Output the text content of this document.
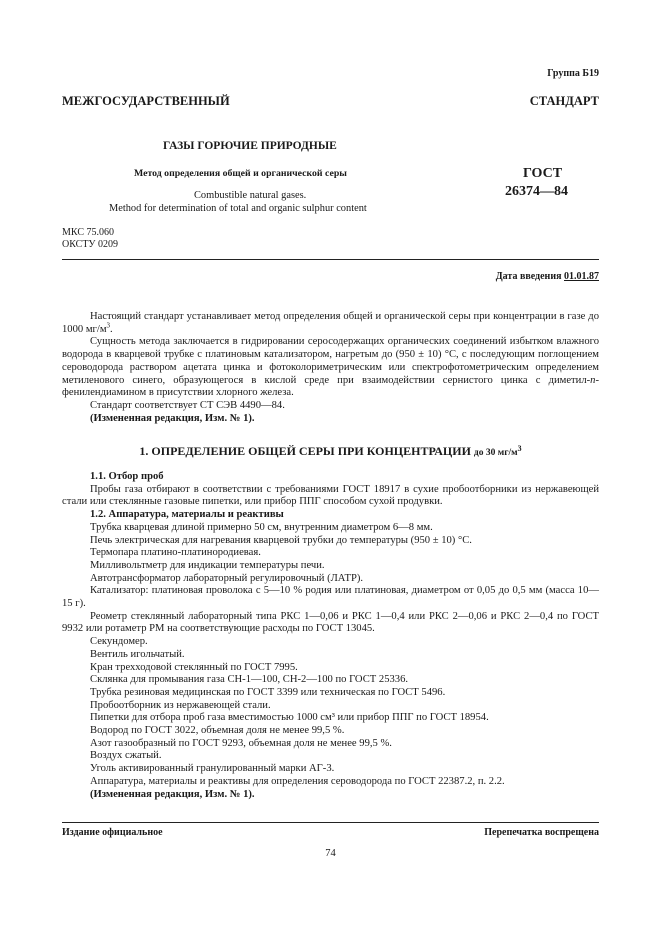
Группа Б19
МЕЖГОСУДАРСТВЕННЫЙ СТАНДАРТ
ГАЗЫ ГОРЮЧИЕ ПРИРОДНЫЕ
Метод определения общей и органической серы	ГОСТ
26374—84
Combustible natural gases.
Method for determination of total and organic sulphur content
МКС 75.060
ОКСТУ 0209
Дата введения 01.01.87

Настоящий стандарт устанавливает метод определения общей и органической серы при концентрации в газе до 1000 $мг/м^3$.

Сущность метода заключается в гидрировании серосодержащих органических соединений избытком влажного водорода в кварцевой трубке с платиновым катализатором, нагретым до (950 ± 10) °С, с последующим поглощением сероводорода раствором ацетата цинка и фотоколориметрическим или спектрофотометрическим определением метиленового синего, образующегося в кислой среде при взаимодействии сернистого цинка с диметил-n-фенилендиамином в присутствии хлорного железа.

Стандарт соответствует СТ СЭВ 4490—84.

(Измененная редакция, Изм. № 1).

1. ОПРЕДЕЛЕНИЕ ОБЩЕЙ СЕРЫ ПРИ КОНЦЕНТРАЦИИ до 30 $мг/м^3$

1.1. Отбор проб

Пробы газа отбирают в соответствии с требованиями ГОСТ 18917 в сухие пробоотборники из нержавеющей стали или стеклянные газовые пипетки, или прибор ППГ способом сухой продувки.

1.2. Аппаратура, материалы и реактивы

Трубка кварцевая длиной примерно 50 см, внутренним диаметром 6—8 мм.

Печь электрическая для нагревания кварцевой трубки до температуры (950 ± 10) °С.

Термопара платино-платинородиевая.

Милливольтметр для индикации температуры печи.

Автотрансформатор лабораторный регулировочный (ЛАТР).

Катализатор: платиновая проволока с 5—10 % родия или платиновая, диаметром от 0,05 до 0,5 мм (масса 10—15 г).

Реометр стеклянный лабораторный типа РКС 1—0,06 и РКС 1—0,4 или РКС 2—0,06 и РКС 2—0,4 по ГОСТ 9932 или ротаметр РМ на соответствующие расходы по ГОСТ 13045.

Секундомер.

Вентиль игольчатый.

Кран трехходовой стеклянный по ГОСТ 7995.

Склянка для промывания газа СН-1—100, СН-2—100 по ГОСТ 25336.

Трубка резиновая медицинская по ГОСТ 3399 или техническая по ГОСТ 5496.

Пробоотборник из нержавеющей стали.

Пипетки для отбора проб газа вместимостью 1000 см³ или прибор ППГ по ГОСТ 18954.

Водород по ГОСТ 3022, объемная доля не менее 99,5 %.

Азот газообразный по ГОСТ 9293, объемная доля не менее 99,5 %.

Воздух сжатый.

Уголь активированный гранулированный марки АГ-3.

Аппаратура, материалы и реактивы для определения сероводорода по ГОСТ 22387.2, п. 2.2.

(Измененная редакция, Изм. № 1).

Издание официальное	Перепечатка воспрещена
74
